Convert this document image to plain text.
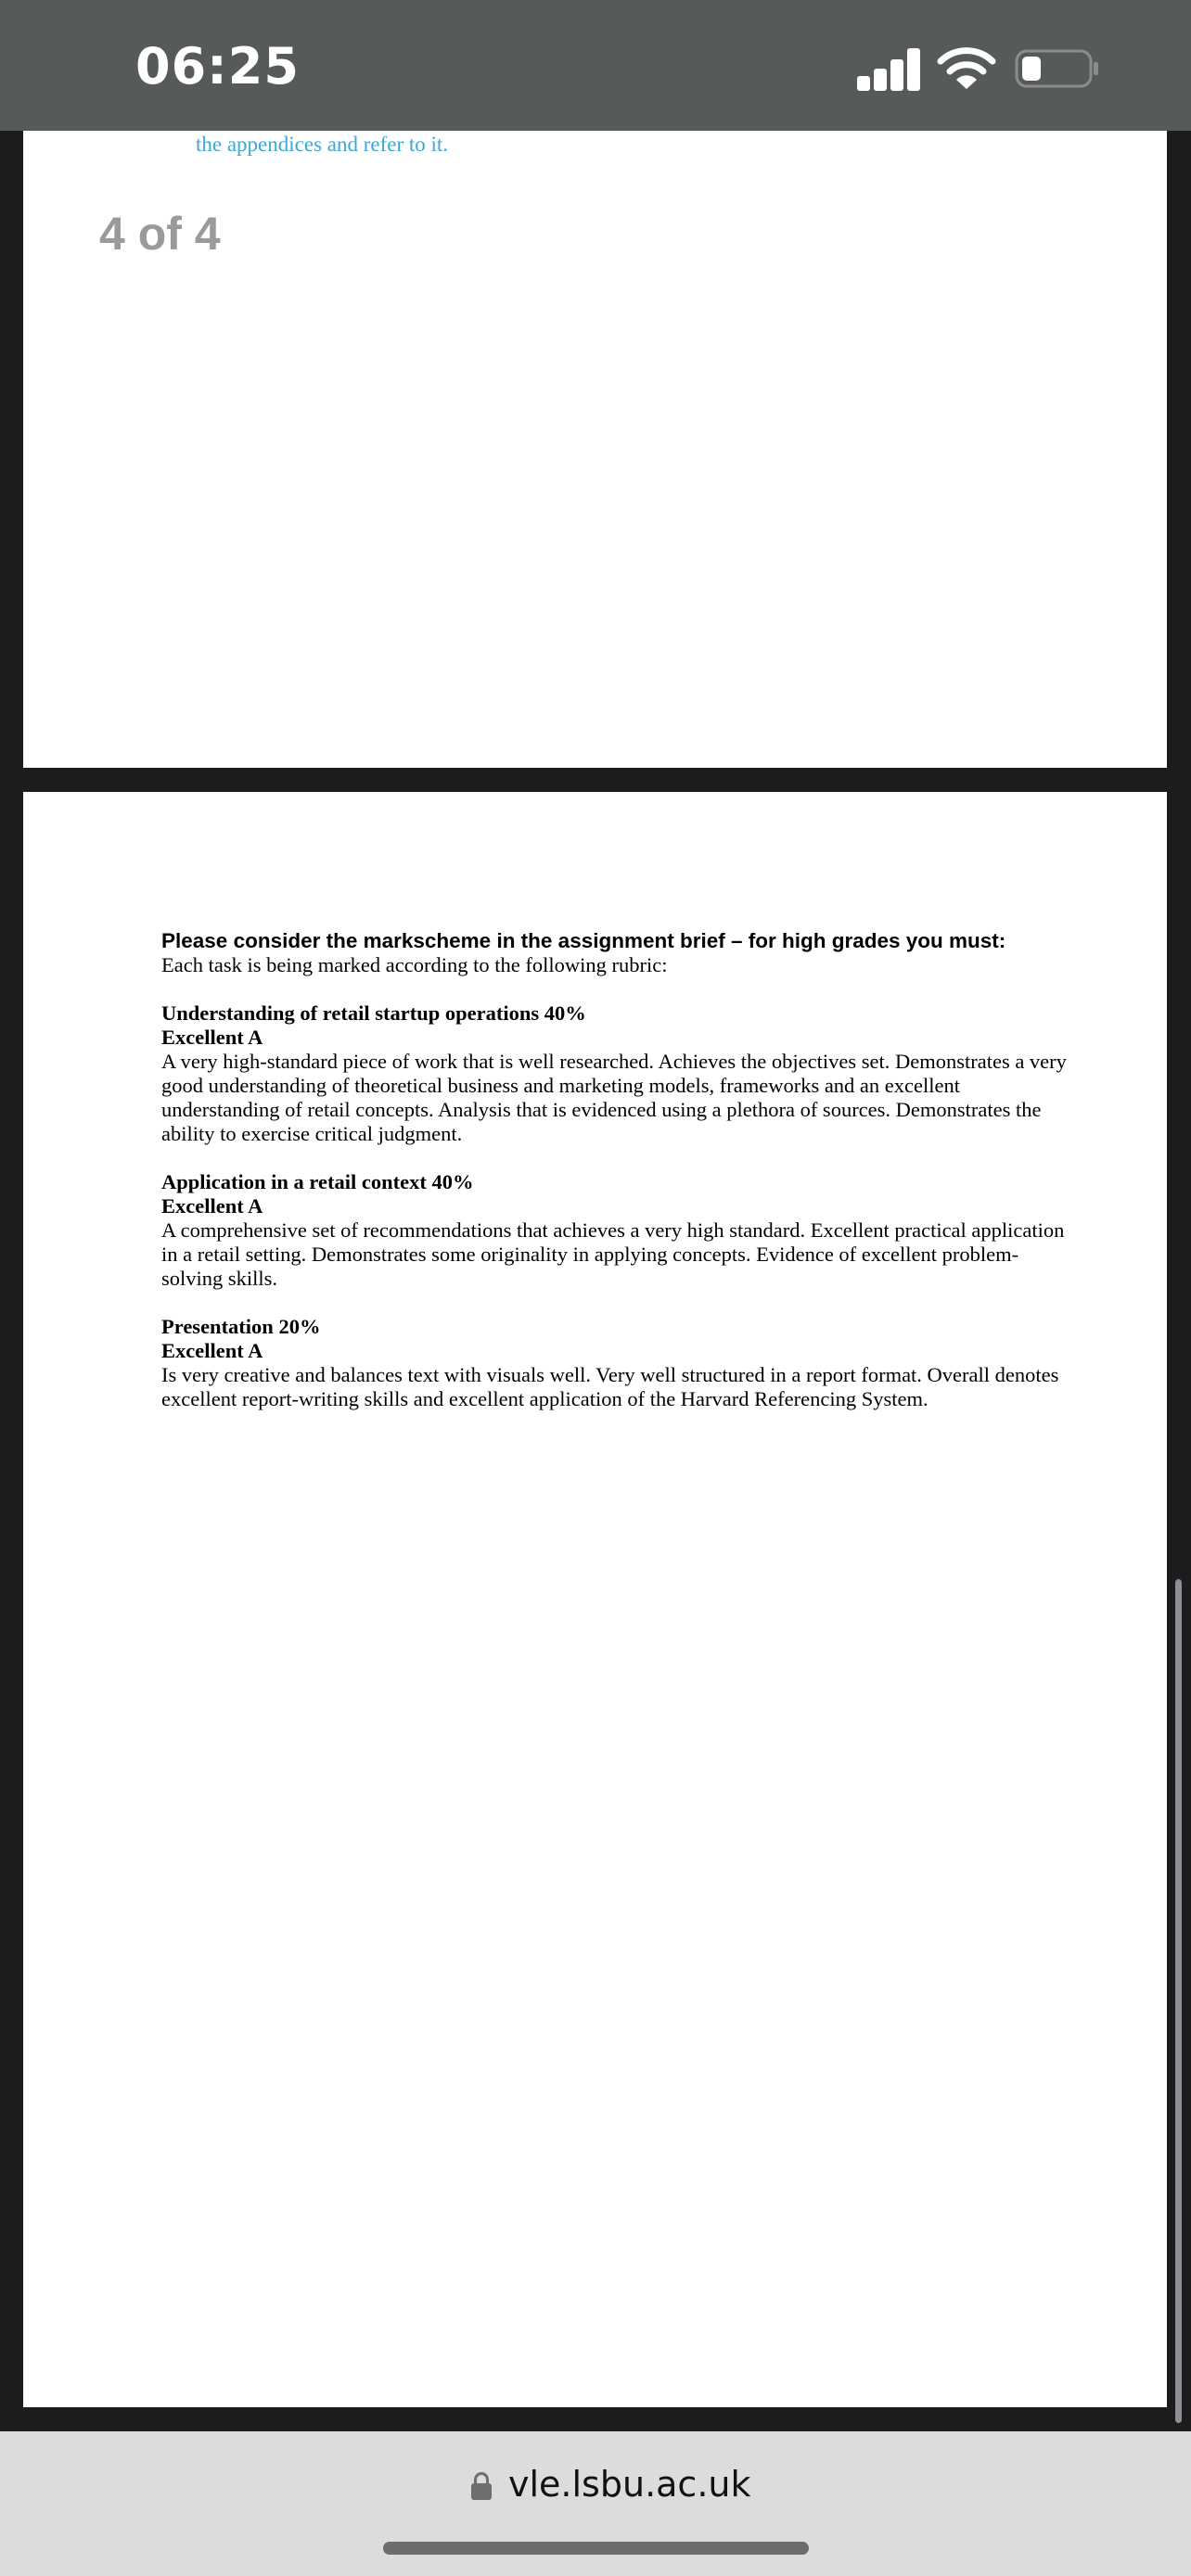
06:25
the appendices and refer to it.
4 of 4
Please consider the markscheme in the assignment brief – for high grades you must:
Each task is being marked according to the following rubric:
Understanding of retail startup operations 40%
Excellent A
A very high-standard piece of work that is well researched. Achieves the objectives set. Demonstrates a very good understanding of theoretical business and marketing models, frameworks and an excellent understanding of retail concepts. Analysis that is evidenced using a plethora of sources. Demonstrates the ability to exercise critical judgment.
Application in a retail context 40%
Excellent A
A comprehensive set of recommendations that achieves a very high standard. Excellent practical application in a retail setting. Demonstrates some originality in applying concepts. Evidence of excellent problem-solving skills.
Presentation 20%
Excellent A
Is very creative and balances text with visuals well. Very well structured in a report format. Overall denotes excellent report-writing skills and excellent application of the Harvard Referencing System.
vle.lsbu.ac.uk
